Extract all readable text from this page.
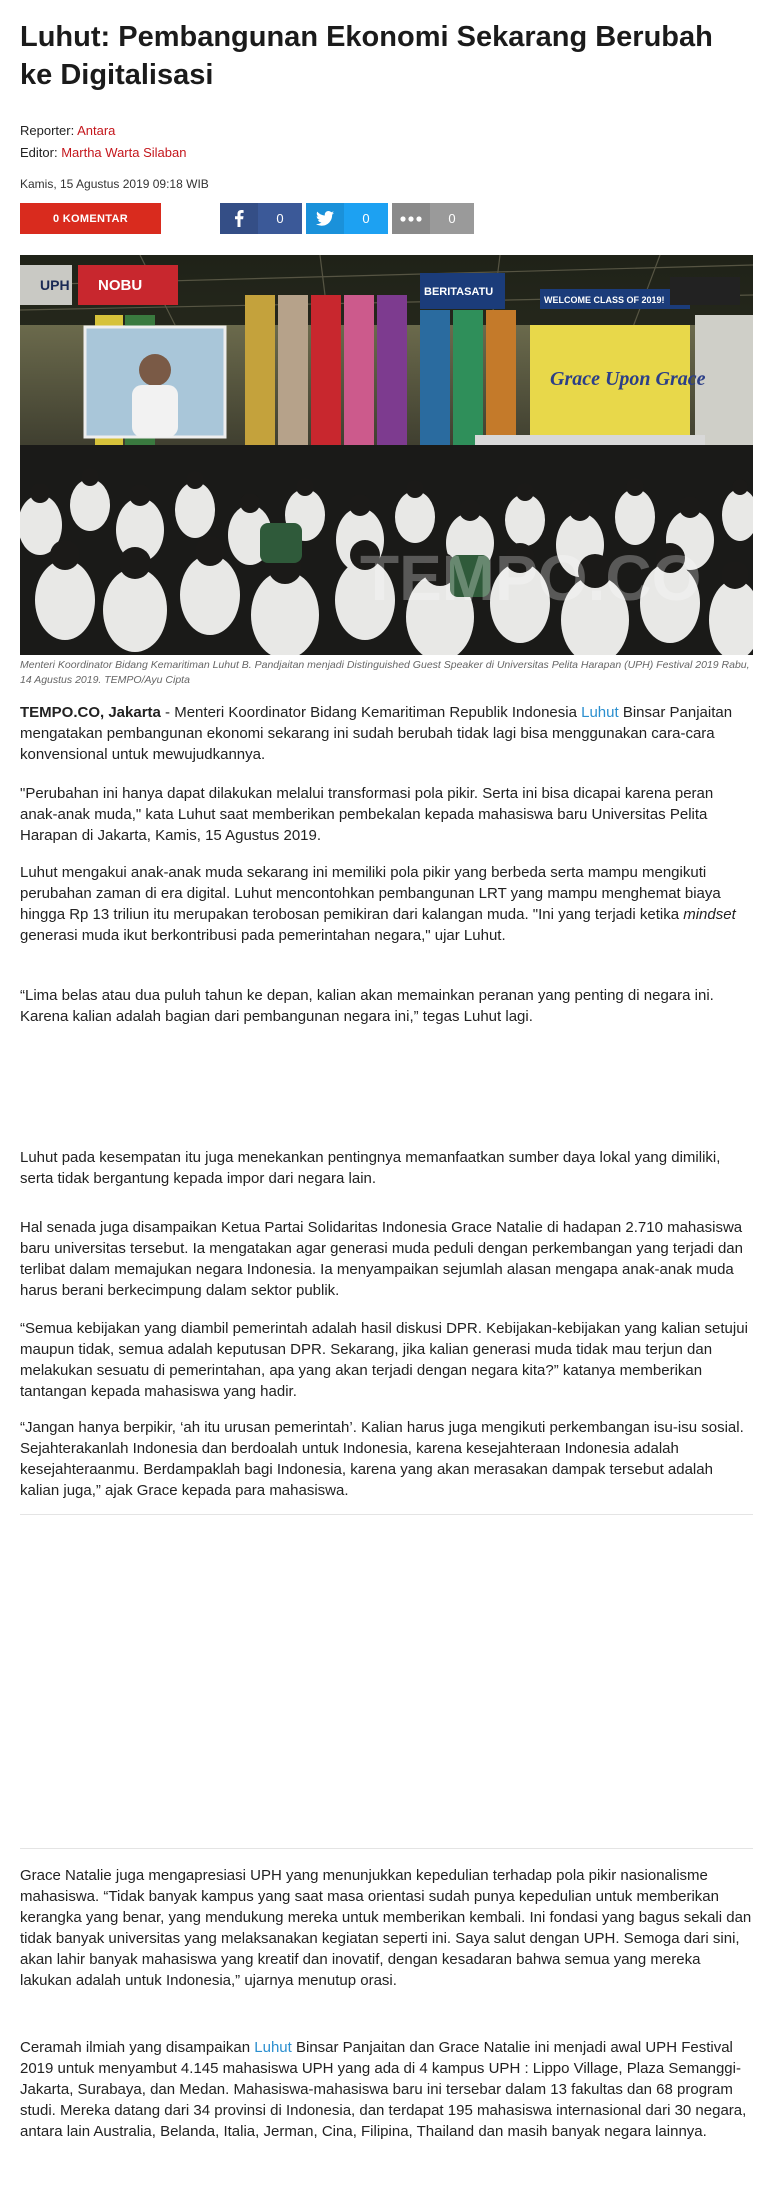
Luhut: Pembangunan Ekonomi Sekarang Berubah ke Digitalisasi
Reporter: Antara
Editor: Martha Warta Silaban
Kamis, 15 Agustus 2019 09:18 WIB
0 KOMENTAR	0	0	0
UPH NOBU	BERITASATU
WELCOME CLASS OF 2019!
Grace Upon Grace
TEMPO.CO
Menteri Koordinator Bidang Kemaritiman Luhut B. Pandjaitan menjadi Distinguished Guest Speaker di Universitas Pelita Harapan (UPH) Festival 2019 Rabu, 14 Agustus 2019. TEMPO/Ayu Cipta

TEMPO.CO, Jakarta - Menteri Koordinator Bidang Kemaritiman Republik Indonesia Luhut Binsar Panjaitan mengatakan pembangunan ekonomi sekarang ini sudah berubah tidak lagi bisa menggunakan cara-cara konvensional untuk mewujudkannya.

"Perubahan ini hanya dapat dilakukan melalui transformasi pola pikir. Serta ini bisa dicapai karena peran anak-anak muda," kata Luhut saat memberikan pembekalan kepada mahasiswa baru Universitas Pelita Harapan di Jakarta, Kamis, 15 Agustus 2019.

Luhut mengakui anak-anak muda sekarang ini memiliki pola pikir yang berbeda serta mampu mengikuti perubahan zaman di era digital. Luhut mencontohkan pembangunan LRT yang mampu menghemat biaya hingga Rp 13 triliun itu merupakan terobosan pemikiran dari kalangan muda. "Ini yang terjadi ketika mindset generasi muda ikut berkontribusi pada pemerintahan negara," ujar Luhut.

“Lima belas atau dua puluh tahun ke depan, kalian akan memainkan peranan yang penting di negara ini. Karena kalian adalah bagian dari pembangunan negara ini,” tegas Luhut lagi.

Luhut pada kesempatan itu juga menekankan pentingnya memanfaatkan sumber daya lokal yang dimiliki, serta tidak bergantung kepada impor dari negara lain.

Hal senada juga disampaikan Ketua Partai Solidaritas Indonesia Grace Natalie di hadapan 2.710 mahasiswa baru universitas tersebut. Ia mengatakan agar generasi muda peduli dengan perkembangan yang terjadi dan terlibat dalam memajukan negara Indonesia. Ia menyampaikan sejumlah alasan mengapa anak-anak muda harus berani berkecimpung dalam sektor publik.

“Semua kebijakan yang diambil pemerintah adalah hasil diskusi DPR. Kebijakan-kebijakan yang kalian setujui maupun tidak, semua adalah keputusan DPR. Sekarang, jika kalian generasi muda tidak mau terjun dan melakukan sesuatu di pemerintahan, apa yang akan terjadi dengan negara kita?” katanya memberikan tantangan kepada mahasiswa yang hadir.

“Jangan hanya berpikir, ‘ah itu urusan pemerintah’. Kalian harus juga mengikuti perkembangan isu-isu sosial. Sejahterakanlah Indonesia dan berdoalah untuk Indonesia, karena kesejahteraan Indonesia adalah kesejahteraanmu. Berdampaklah bagi Indonesia, karena yang akan merasakan dampak tersebut adalah kalian juga,” ajak Grace kepada para mahasiswa.

Grace Natalie juga mengapresiasi UPH yang menunjukkan kepedulian terhadap pola pikir nasionalisme mahasiswa. “Tidak banyak kampus yang saat masa orientasi sudah punya kepedulian untuk memberikan kerangka yang benar, yang mendukung mereka untuk memberikan kembali. Ini fondasi yang bagus sekali dan tidak banyak universitas yang melaksanakan kegiatan seperti ini. Saya salut dengan UPH. Semoga dari sini, akan lahir banyak mahasiswa yang kreatif dan inovatif, dengan kesadaran bahwa semua yang mereka lakukan adalah untuk Indonesia,” ujarnya menutup orasi.

Ceramah ilmiah yang disampaikan Luhut Binsar Panjaitan dan Grace Natalie ini menjadi awal UPH Festival 2019 untuk menyambut 4.145 mahasiswa UPH yang ada di 4 kampus UPH : Lippo Village, Plaza Semanggi-Jakarta, Surabaya, dan Medan. Mahasiswa-mahasiswa baru ini tersebar dalam 13 fakultas dan 68 program studi. Mereka datang dari 34 provinsi di Indonesia, dan terdapat 195 mahasiswa internasional dari 30 negara, antara lain Australia, Belanda, Italia, Jerman, Cina, Filipina, Thailand dan masih banyak negara lainnya.
